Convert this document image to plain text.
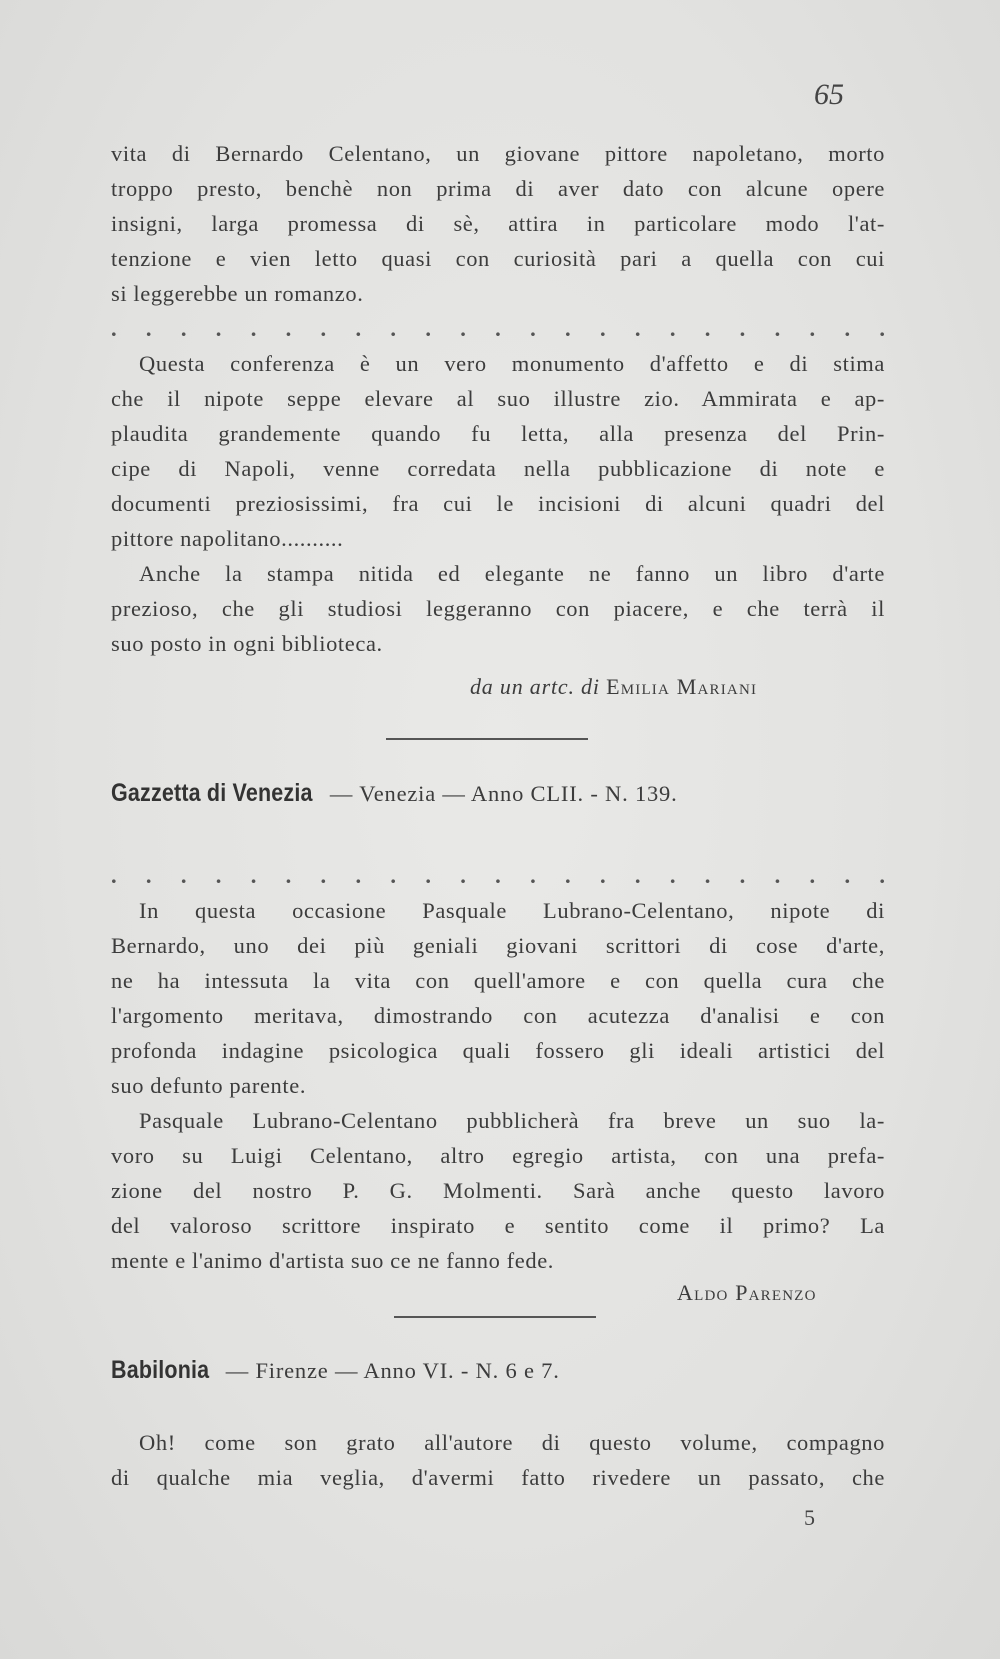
65
vita di Bernardo Celentano, un giovane pittore napoletano, morto
troppo presto, benchè non prima di aver dato con alcune opere
insigni, larga promessa di sè, attira in particolare modo l'at-
tenzione e vien letto quasi con curiosità pari a quella con cui
si leggerebbe un romanzo.
. . . . . . . . . . . . . . . . . . . . . . .
Questa conferenza è un vero monumento d'affetto e di stima
che il nipote seppe elevare al suo illustre zio. Ammirata e ap-
plaudita grandemente quando fu letta, alla presenza del Prin-
cipe di Napoli, venne corredata nella pubblicazione di note e
documenti preziosissimi, fra cui le incisioni di alcuni quadri del
pittore napolitano..........
Anche la stampa nitida ed elegante ne fanno un libro d'arte
prezioso, che gli studiosi leggeranno con piacere, e che terrà il
suo posto in ogni biblioteca.
da un artc. di Emilia Mariani
Gazzetta di Venezia — Venezia — Anno CLII. - N. 139.
. . . . . . . . . . . . . . . . . . . . . . .
In questa occasione Pasquale Lubrano-Celentano, nipote di
Bernardo, uno dei più geniali giovani scrittori di cose d'arte,
ne ha intessuta la vita con quell'amore e con quella cura che
l'argomento meritava, dimostrando con acutezza d'analisi e con
profonda indagine psicologica quali fossero gli ideali artistici del
suo defunto parente.
Pasquale Lubrano-Celentano pubblicherà fra breve un suo la-
voro su Luigi Celentano, altro egregio artista, con una prefa-
zione del nostro P. G. Molmenti. Sarà anche questo lavoro
del valoroso scrittore inspirato e sentito come il primo? La
mente e l'animo d'artista suo ce ne fanno fede.
Aldo Parenzo
Babilonia — Firenze — Anno VI. - N. 6 e 7.
Oh! come son grato all'autore di questo volume, compagno
di qualche mia veglia, d'avermi fatto rivedere un passato, che
5
